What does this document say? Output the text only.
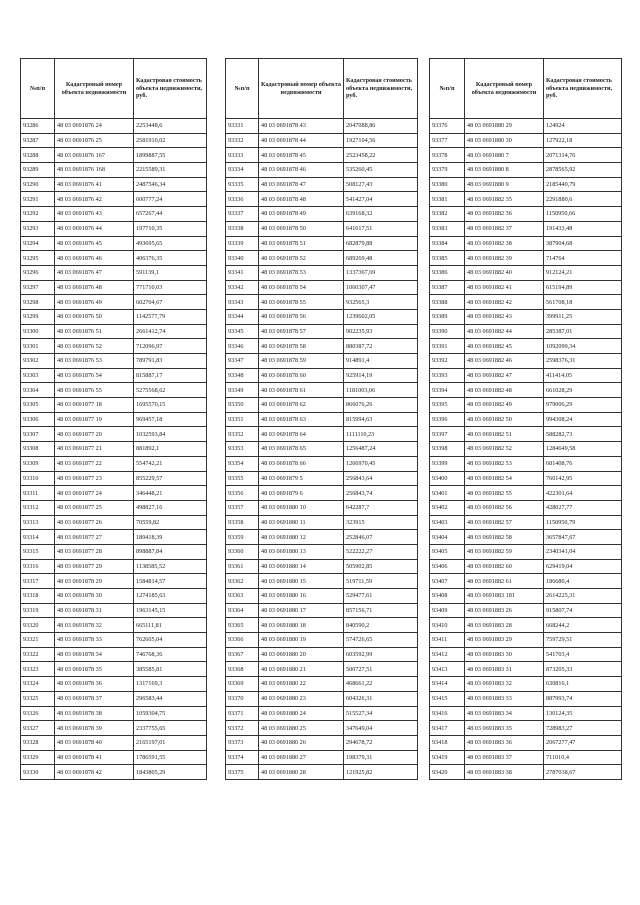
№п/п	Кадастровый номер объекта недвижимости	Кадастровая стоимость объекта недвижимости, руб.
93286	48 03 0691876 24	2253448,6
93287	48 03 0691876 25	2581910,02
93288	48 03 0691876 167	1899887,55
93289	48 03 0691876 168	2215589,31
93290	48 03 0691876 41	2487546,34
93291	48 03 0691876 42	600777,24
93292	48 03 0691876 43	657267,44
93293	48 03 0691876 44	197710,35
93294	48 03 0691876 45	493695,65
93295	48 03 0691876 46	406376,35
93296	48 03 0691876 47	591139,1
93297	48 03 0691876 48	771710,03
93298	48 03 0691876 49	602704,67
93299	48 03 0691876 50	1142577,79
93300	48 03 0691876 51	2661412,74
93301	48 03 0691876 52	712096,97
93302	48 03 0691876 53	789791,83
93303	48 03 0691876 54	815887,17
93304	48 03 0691876 55	5275568,62
93305	48 03 0691877 18	1695570,15
93306	48 03 0691877 19	969457,18
93307	48 03 0691877 20	1032593,84
93308	48 03 0691877 21	881892,1
93309	48 03 0691877 22	554742,21
93310	48 03 0691877 23	855229,57
93311	48 03 0691877 24	346448,21
93312	48 03 0691877 25	498827,16
93313	48 03 0691877 26	70559,82
93314	48 03 0691877 27	189418,39
93315	48 03 0691877 28	898887,84
93316	48 03 0691877 29	1138585,52
93317	48 03 0691878 29	1584814,57
93318	48 03 0691878 30	1274185,63
93319	48 03 0691878 31	1963145,15
93320	48 03 0691878 32	665111,81
93321	48 03 0691878 33	762605,04
93322	48 03 0691878 34	746768,36
93323	48 03 0691878 35	385585,81
93324	48 03 0691878 36	1317169,3
93325	48 03 0691878 37	296583,44
93326	48 03 0691878 38	1059304,75
93327	48 03 0691878 39	2337755,65
93328	48 03 0691878 40	2165197,01
93329	48 03 0691878 41	1786591,55
93330	48 03 0691878 42	1843805,29
№п/п	Кадастровый номер объекта недвижимости	Кадастровая стоимость объекта недвижимости, руб.
93331	48 03 0691878 43	2047088,86
93332	48 03 0691878 44	1927104,56
93333	48 03 0691878 45	2523458,22
93334	48 03 0691878 46	535260,45
93335	48 03 0691878 47	508127,43
93336	48 03 0691878 48	541427,04
93337	48 03 0691878 49	639168,32
93338	48 03 0691878 50	641617,51
93339	48 03 0691878 51	682879,88
93340	48 03 0691878 52	689269,48
93341	48 03 0691878 53	1337367,69
93342	48 03 0691878 54	1060307,47
93343	48 03 0691878 55	932565,3
93344	48 03 0691878 56	1239602,05
93345	48 03 0691878 57	902235,93
93346	48 03 0691878 58	880387,72
93347	48 03 0691878 59	914891,4
93348	48 03 0691878 60	925914,19
93349	48 03 0691878 61	1181003,06
93350	48 03 0691878 62	866076,26
93351	48 03 0691878 63	815994,63
93352	48 03 0691878 64	1111110,23
93353	48 03 0691878 65	1256487,24
93354	48 03 0691878 66	1266970,45
93355	48 03 0691879 5	256843,64
93356	48 03 0691879 6	256843,74
93357	48 03 0691880 10	642287,7
93358	48 03 0691880 11	323915
93359	48 03 0691880 12	252846,07
93360	48 03 0691880 13	522222,27
93361	48 03 0691880 14	505902,85
93362	48 03 0691880 15	519711,59
93363	48 03 0691880 16	529477,61
93364	48 03 0691880 17	857156,71
93365	48 03 0691880 18	840590,2
93366	48 03 0691880 19	574726,65
93367	48 03 0691880 20	603592,99
93368	48 03 0691880 21	500727,51
93369	48 03 0691880 22	468661,22
93370	48 03 0691880 23	604326,31
93371	48 03 0691880 24	515527,34
93372	48 03 0691880 25	347649,04
93373	48 03 0691880 26	294678,72
93374	48 03 0691880 27	198379,31
93375	48 03 0691880 28	121925,82
№п/п	Кадастровый номер объекта недвижимости	Кадастровая стоимость объекта недвижимости, руб.
93376	48 03 0691880 29	124924
93377	48 03 0691880 30	127922,18
93378	48 03 0691880 7	2071314,76
93379	48 03 0691880 8	2878565,92
93380	48 03 0691880 9	2185440,79
93381	48 03 0691882 35	2291880,6
93382	48 03 0691882 36	1150950,66
93383	48 03 0691882 37	191433,48
93384	48 03 0691882 38	387904,68
93385	48 03 0691882 39	714764
93386	48 03 0691882 40	912124,21
93387	48 03 0691882 41	615194,89
93388	48 03 0691882 42	561708,18
93389	48 03 0691882 43	399911,25
93390	48 03 0691882 44	285387,01
93391	48 03 0691882 45	1092099,34
93392	48 03 0691882 46	2598376,31
93393	48 03 0691882 47	411414,05
93394	48 03 0691882 48	661028,29
93395	48 03 0691882 49	979006,29
93396	48 03 0691882 50	994308,24
93397	48 03 0691882 51	588282,73
93398	48 03 0691882 52	1284649,58
93399	48 03 0691882 53	681408,76
93400	48 03 0691882 54	760142,95
93401	48 03 0691882 55	422301,64
93402	48 03 0691882 56	428027,77
93403	48 03 0691882 57	1150950,79
93404	48 03 0691882 58	3657847,67
93405	48 03 0691882 59	2340341,04
93406	48 03 0691882 60	629419,04
93407	48 03 0691882 61	186680,4
93408	48 03 0691883 181	2614225,31
93409	48 03 0691883 26	915807,74
93410	48 03 0691883 28	668244,2
93411	48 03 0691883 29	759729,51
93412	48 03 0691883 30	541703,4
93413	48 03 0691883 31	873205,33
93414	48 03 0691883 32	630816,1
93415	48 03 0691883 33	887993,74
93416	48 03 0691883 34	130124,35
93417	48 03 0691883 35	728983,27
93418	48 03 0691883 36	2067277,47
93419	48 03 0691883 37	711010,4
93420	48 03 0691883 38	2787038,67
